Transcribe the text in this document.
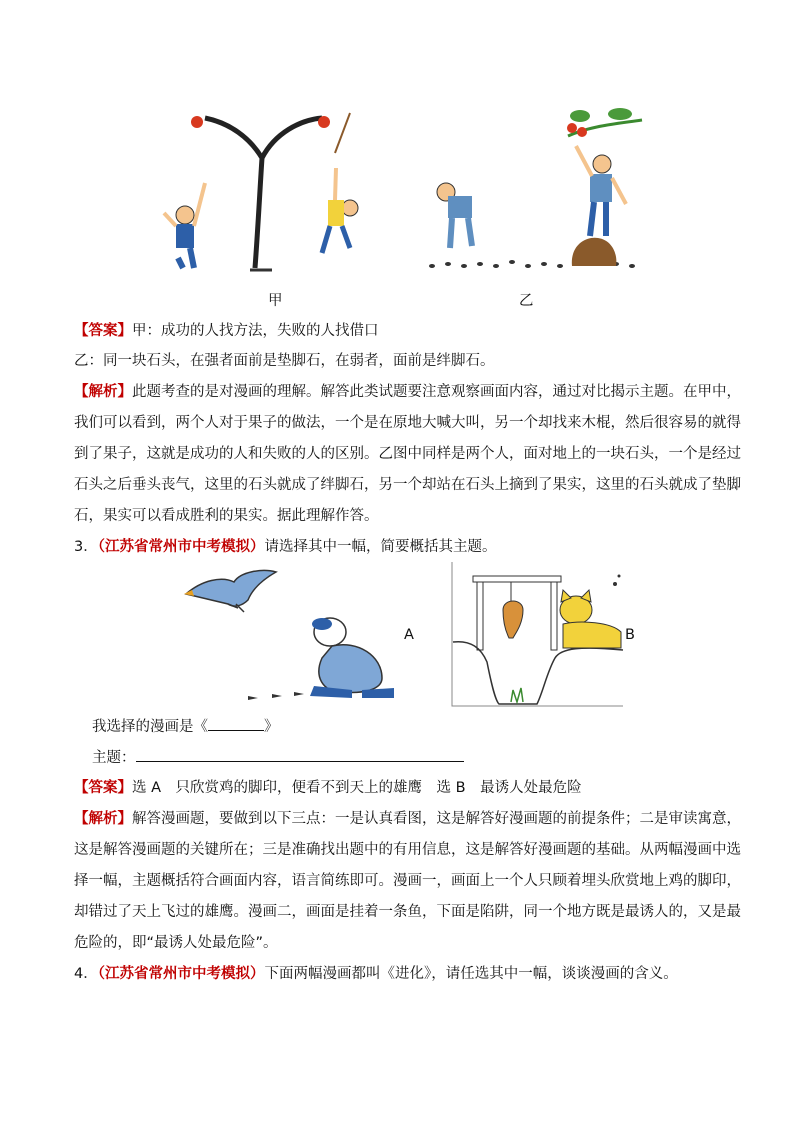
甲	乙
【答案】甲：成功的人找方法，失败的人找借口
乙：同一块石头，在强者面前是垫脚石，在弱者，面前是绊脚石。
【解析】此题考查的是对漫画的理解。解答此类试题要注意观察画面内容，通过对比揭示主题。在甲中，
我们可以看到，两个人对于果子的做法，一个是在原地大喊大叫，另一个却找来木棍，然后很容易的就得
到了果子，这就是成功的人和失败的人的区别。乙图中同样是两个人，面对地上的一块石头，一个是经过
石头之后垂头丧气，这里的石头就成了绊脚石，另一个却站在石头上摘到了果实，这里的石头就成了垫脚
石，果实可以看成胜利的果实。据此理解作答。
3．（江苏省常州市中考模拟）请选择其中一幅，简要概括其主题。
A	B
我选择的漫画是《	》
主题：
【答案】选 A　只欣赏鸡的脚印，便看不到天上的雄鹰　选 B　最诱人处最危险
【解析】解答漫画题，要做到以下三点：一是认真看图，这是解答好漫画题的前提条件；二是审读寓意，
这是解答漫画题的关键所在；三是准确找出题中的有用信息，这是解答好漫画题的基础。从两幅漫画中选
择一幅，主题概括符合画面内容，语言简练即可。漫画一，画面上一个人只顾着埋头欣赏地上鸡的脚印，
却错过了天上飞过的雄鹰。漫画二，画面是挂着一条鱼，下面是陷阱，同一个地方既是最诱人的，又是最
危险的，即“最诱人处最危险”。
4．（江苏省常州市中考模拟）下面两幅漫画都叫《进化》，请任选其中一幅，谈谈漫画的含义。
